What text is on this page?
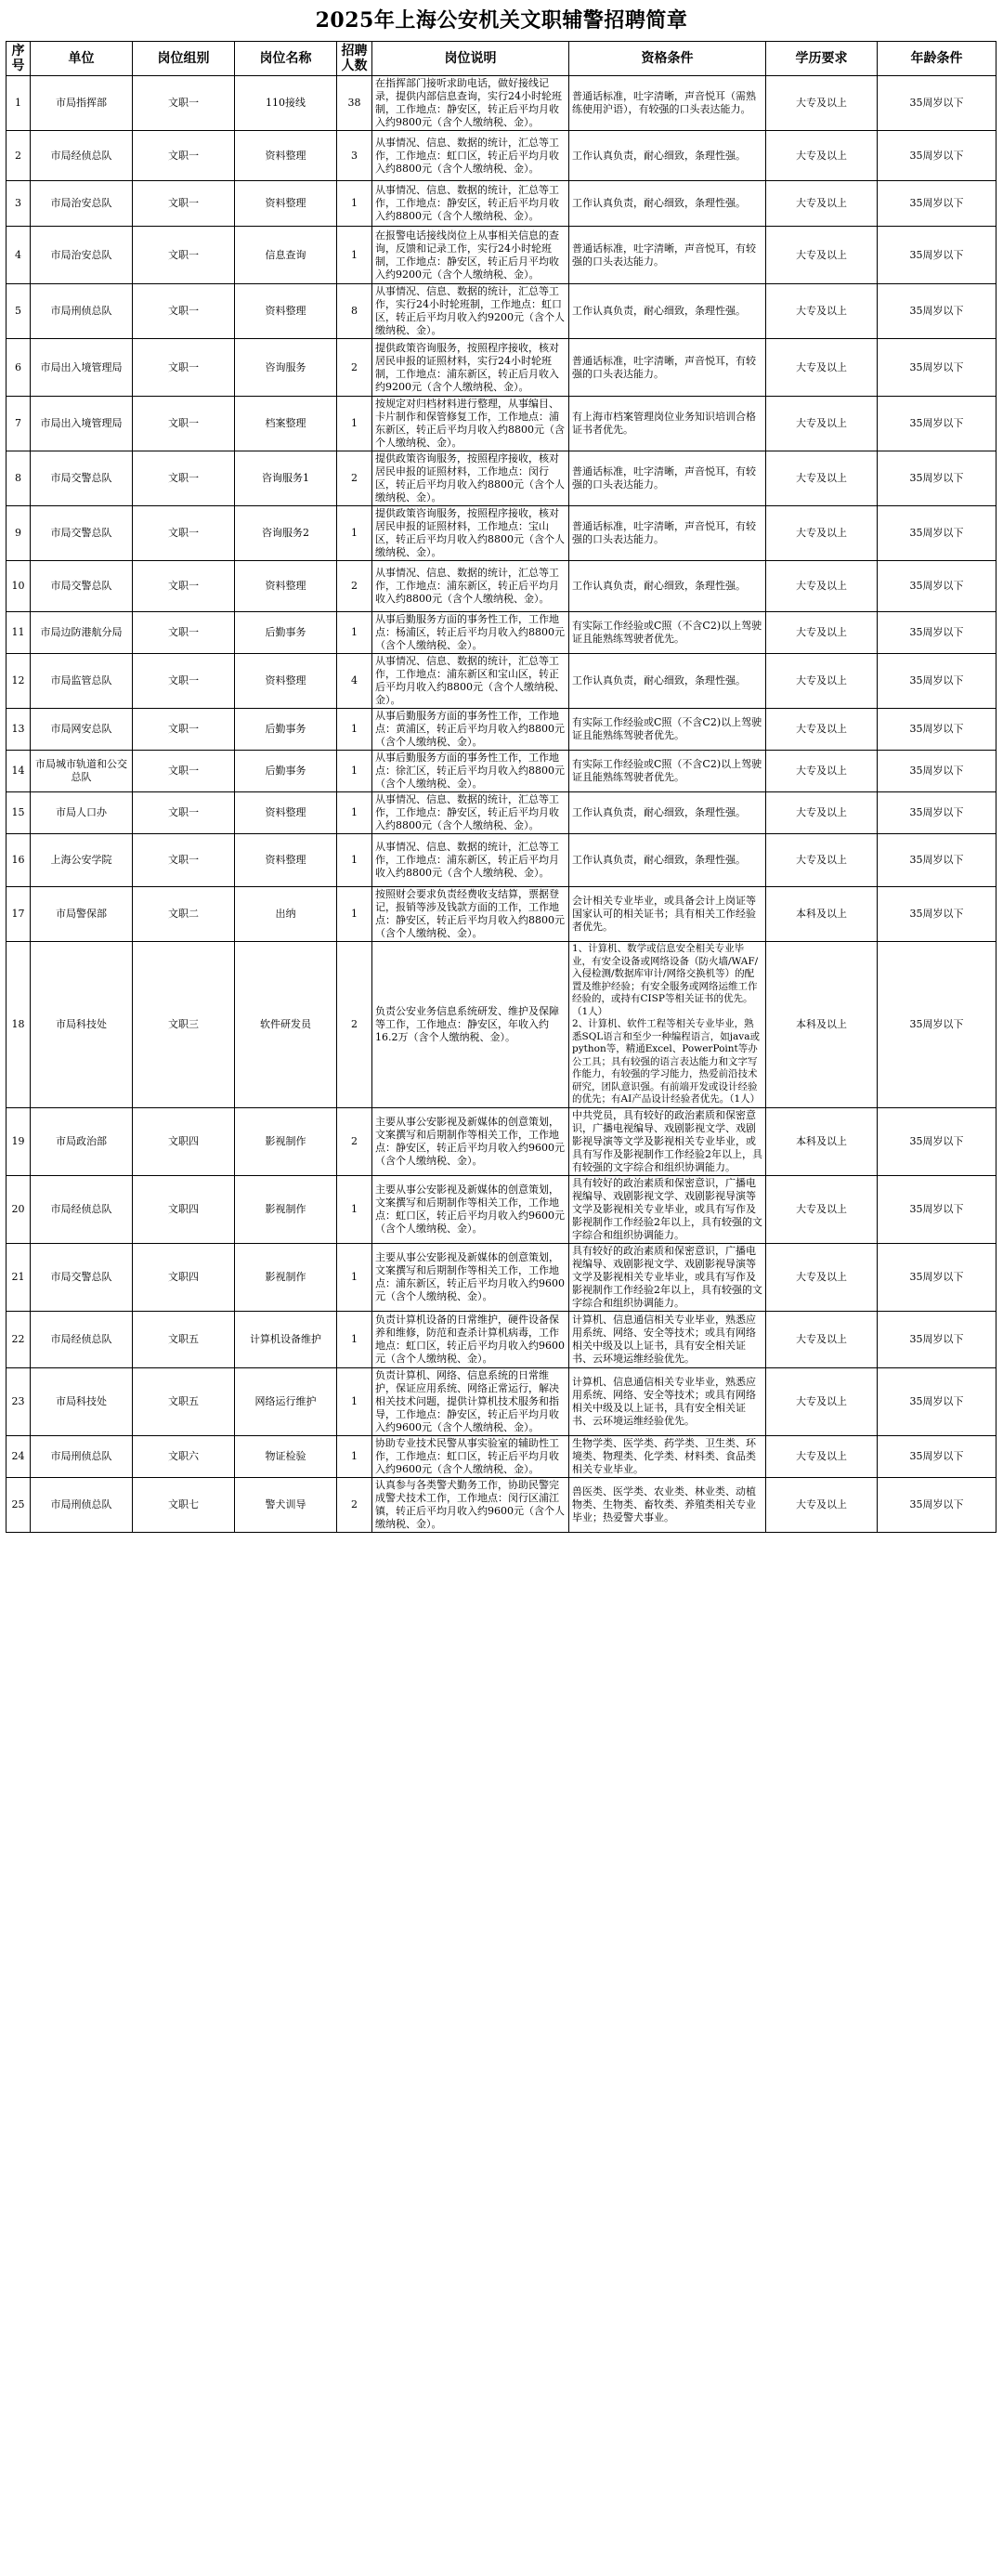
2025年上海公安机关文职辅警招聘简章
序号	单位	岗位组别	岗位名称	招聘人数	岗位说明	资格条件	学历要求	年龄条件
1	市局指挥部	文职一	110接线	38	在指挥部门接听求助电话，做好接线记录，提供内部信息查询，实行24小时轮班制，工作地点：静安区，转正后平均月收入约9800元（含个人缴纳税、金）。	普通话标准，吐字清晰，声音悦耳（需熟练使用沪语），有较强的口头表达能力。	大专及以上	35周岁以下
2	市局经侦总队	文职一	资料整理	3	从事情况、信息、数据的统计，汇总等工作，工作地点：虹口区，转正后平均月收入约8800元（含个人缴纳税、金）。	工作认真负责，耐心细致，条理性强。	大专及以上	35周岁以下
3	市局治安总队	文职一	资料整理	1	从事情况、信息、数据的统计，汇总等工作，工作地点：静安区，转正后平均月收入约8800元（含个人缴纳税、金）。	工作认真负责，耐心细致，条理性强。	大专及以上	35周岁以下
4	市局治安总队	文职一	信息查询	1	在报警电话接线岗位上从事相关信息的查询，反馈和记录工作，实行24小时轮班制，工作地点：静安区，转正后月平均收入约9200元（含个人缴纳税、金）。	普通话标准，吐字清晰，声音悦耳，有较强的口头表达能力。	大专及以上	35周岁以下
5	市局刑侦总队	文职一	资料整理	8	从事情况、信息、数据的统计，汇总等工作，实行24小时轮班制，工作地点：虹口区，转正后平均月收入约9200元（含个人缴纳税、金）。	工作认真负责，耐心细致，条理性强。	大专及以上	35周岁以下
6	市局出入境管理局	文职一	咨询服务	2	提供政策咨询服务，按照程序接收，核对居民申报的证照材料，实行24小时轮班制，工作地点：浦东新区，转正后月收入约9200元（含个人缴纳税、金）。	普通话标准，吐字清晰，声音悦耳，有较强的口头表达能力。	大专及以上	35周岁以下
7	市局出入境管理局	文职一	档案整理	1	按规定对归档材料进行整理，从事编目、卡片制作和保管修复工作，工作地点：浦东新区，转正后平均月收入约8800元（含个人缴纳税、金）。	有上海市档案管理岗位业务知识培训合格证书者优先。	大专及以上	35周岁以下
8	市局交警总队	文职一	咨询服务1	2	提供政策咨询服务，按照程序接收，核对居民申报的证照材料，工作地点：闵行区，转正后平均月收入约8800元（含个人缴纳税、金）。	普通话标准，吐字清晰，声音悦耳，有较强的口头表达能力。	大专及以上	35周岁以下
9	市局交警总队	文职一	咨询服务2	1	提供政策咨询服务，按照程序接收，核对居民申报的证照材料，工作地点：宝山区，转正后平均月收入约8800元（含个人缴纳税、金）。	普通话标准，吐字清晰，声音悦耳，有较强的口头表达能力。	大专及以上	35周岁以下
10	市局交警总队	文职一	资料整理	2	从事情况、信息、数据的统计，汇总等工作，工作地点：浦东新区，转正后平均月收入约8800元（含个人缴纳税、金）。	工作认真负责，耐心细致，条理性强。	大专及以上	35周岁以下
11	市局边防港航分局	文职一	后勤事务	1	从事后勤服务方面的事务性工作，工作地点：杨浦区，转正后平均月收入约8800元（含个人缴纳税、金）。	有实际工作经验或C照（不含C2)以上驾驶证且能熟练驾驶者优先。	大专及以上	35周岁以下
12	市局监管总队	文职一	资料整理	4	从事情况、信息、数据的统计，汇总等工作，工作地点：浦东新区和宝山区，转正后平均月收入约8800元（含个人缴纳税、金）。	工作认真负责，耐心细致，条理性强。	大专及以上	35周岁以下
13	市局网安总队	文职一	后勤事务	1	从事后勤服务方面的事务性工作，工作地点：黄浦区，转正后平均月收入约8800元（含个人缴纳税、金）。	有实际工作经验或C照（不含C2)以上驾驶证且能熟练驾驶者优先。	大专及以上	35周岁以下
14	市局城市轨道和公交总队	文职一	后勤事务	1	从事后勤服务方面的事务性工作，工作地点：徐汇区，转正后平均月收入约8800元（含个人缴纳税、金）。	有实际工作经验或C照（不含C2)以上驾驶证且能熟练驾驶者优先。	大专及以上	35周岁以下
15	市局人口办	文职一	资料整理	1	从事情况、信息、数据的统计，汇总等工作，工作地点：静安区，转正后平均月收入约8800元（含个人缴纳税、金）。	工作认真负责，耐心细致，条理性强。	大专及以上	35周岁以下
16	上海公安学院	文职一	资料整理	1	从事情况、信息、数据的统计，汇总等工作，工作地点：浦东新区，转正后平均月收入约8800元（含个人缴纳税、金）。	工作认真负责，耐心细致，条理性强。	大专及以上	35周岁以下
17	市局警保部	文职二	出纳	1	按照财会要求负责经费收支结算，票据登记，报销等涉及钱款方面的工作，工作地点：静安区，转正后平均月收入约8800元（含个人缴纳税、金）。	会计相关专业毕业，或具备会计上岗证等国家认可的相关证书；具有相关工作经验者优先。	本科及以上	35周岁以下
18	市局科技处	文职三	软件研发员	2	负责公安业务信息系统研发、维护及保障等工作，工作地点：静安区，年收入约16.2万（含个人缴纳税、金）。	1、计算机、数学或信息安全相关专业毕业，有安全设备或网络设备（防火墙/WAF/入侵检测/数据库审计/网络交换机等）的配置及维护经验；有安全服务或网络运维工作经验的，或持有CISP等相关证书的优先。（1人）
2、计算机、软件工程等相关专业毕业，熟悉SQL语言和至少一种编程语言，如java或python等，精通Excel、PowerPoint等办公工具；具有较强的语言表达能力和文字写作能力，有较强的学习能力，热爱前沿技术研究，团队意识强。有前端开发或设计经验的优先；有AI产品设计经验者优先。（1人）	本科及以上	35周岁以下
19	市局政治部	文职四	影视制作	2	主要从事公安影视及新媒体的创意策划，文案撰写和后期制作等相关工作，工作地点：静安区，转正后平均月收入约9600元（含个人缴纳税、金）。	中共党员，具有较好的政治素质和保密意识，广播电视编导、戏剧影视文学、戏剧影视导演等文学及影视相关专业毕业，或具有写作及影视制作工作经验2年以上，具有较强的文字综合和组织协调能力。	本科及以上	35周岁以下
20	市局经侦总队	文职四	影视制作	1	主要从事公安影视及新媒体的创意策划，文案撰写和后期制作等相关工作，工作地点：虹口区，转正后平均月收入约9600元（含个人缴纳税、金）。	具有较好的政治素质和保密意识，广播电视编导、戏剧影视文学、戏剧影视导演等文学及影视相关专业毕业，或具有写作及影视制作工作经验2年以上，具有较强的文字综合和组织协调能力。	大专及以上	35周岁以下
21	市局交警总队	文职四	影视制作	1	主要从事公安影视及新媒体的创意策划，文案撰写和后期制作等相关工作，工作地点：浦东新区，转正后平均月收入约9600元（含个人缴纳税、金）。	具有较好的政治素质和保密意识，广播电视编导、戏剧影视文学、戏剧影视导演等文学及影视相关专业毕业，或具有写作及影视制作工作经验2年以上，具有较强的文字综合和组织协调能力。	大专及以上	35周岁以下
22	市局经侦总队	文职五	计算机设备维护	1	负责计算机设备的日常维护，硬件设备保养和维修，防范和查杀计算机病毒，工作地点：虹口区，转正后平均月收入约9600元（含个人缴纳税、金）。	计算机、信息通信相关专业毕业，熟悉应用系统、网络、安全等技术；或具有网络相关中级及以上证书，具有安全相关证书、云环境运维经验优先。	大专及以上	35周岁以下
23	市局科技处	文职五	网络运行维护	1	负责计算机、网络、信息系统的日常维护，保证应用系统、网络正常运行，解决相关技术问题，提供计算机技术服务和指导，工作地点：静安区，转正后平均月收入约9600元（含个人缴纳税、金）。	计算机、信息通信相关专业毕业，熟悉应用系统、网络、安全等技术；或具有网络相关中级及以上证书，具有安全相关证书、云环境运维经验优先。	大专及以上	35周岁以下
24	市局刑侦总队	文职六	物证检验	1	协助专业技术民警从事实验室的辅助性工作，工作地点：虹口区，转正后平均月收入约9600元（含个人缴纳税、金）。	生物学类、医学类、药学类、卫生类、环境类、物理类、化学类、材料类、食品类相关专业毕业。	大专及以上	35周岁以下
25	市局刑侦总队	文职七	警犬训导	2	认真参与各类警犬勤务工作，协助民警完成警犬技术工作，工作地点：闵行区浦江镇，转正后平均月收入约9600元（含个人缴纳税、金）。	兽医类、医学类、农业类、林业类、动植物类、生物类、畜牧类、养殖类相关专业毕业；热爱警犬事业。	大专及以上	35周岁以下
